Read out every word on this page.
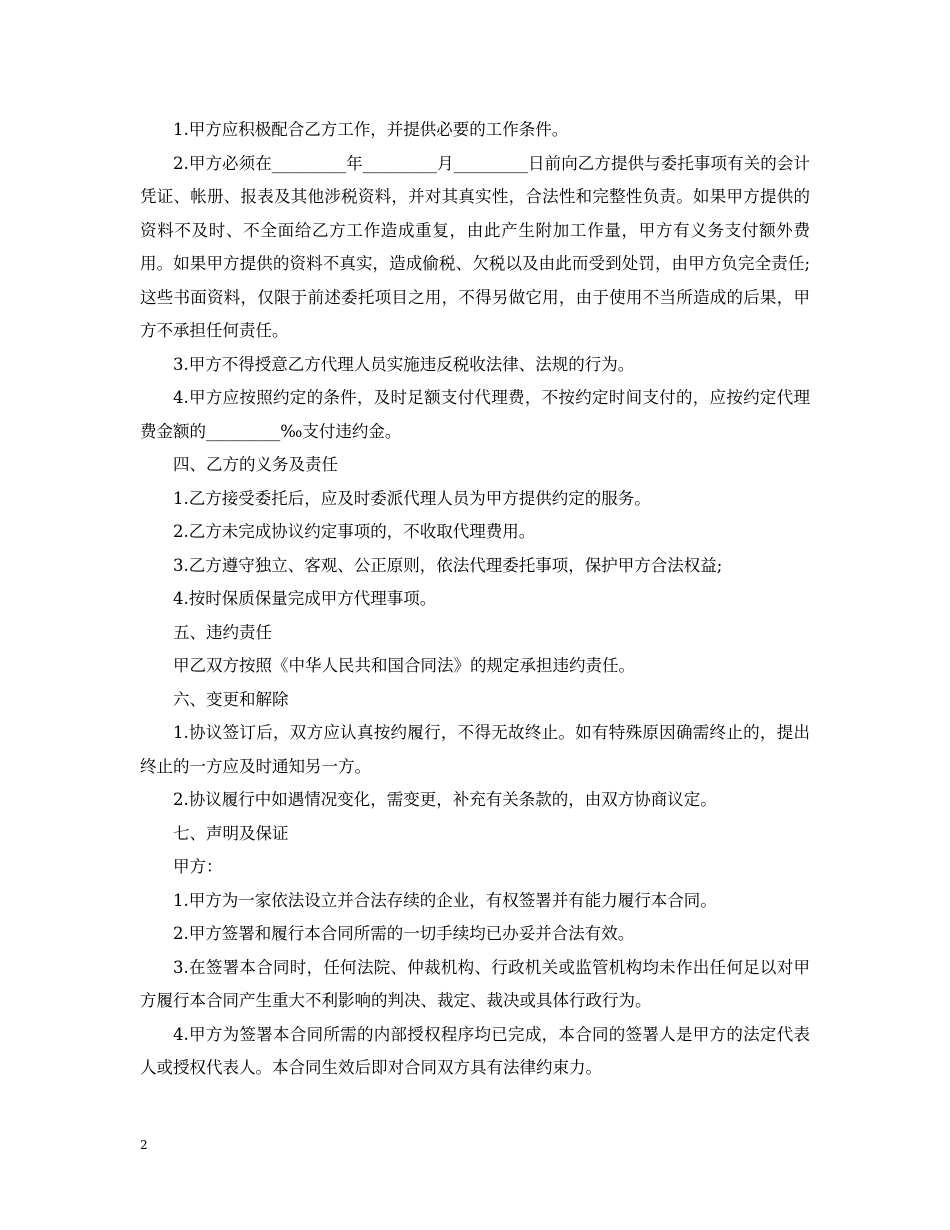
1.甲方应积极配合乙方工作，并提供必要的工作条件。

2.甲方必须在_________年_________月_________日前向乙方提供与委托事项有关的会计凭证、帐册、报表及其他涉税资料，并对其真实性，合法性和完整性负责。如果甲方提供的资料不及时、不全面给乙方工作造成重复，由此产生附加工作量，甲方有义务支付额外费用。如果甲方提供的资料不真实，造成偷税、欠税以及由此而受到处罚，由甲方负完全责任;这些书面资料，仅限于前述委托项目之用，不得另做它用，由于使用不当所造成的后果，甲方不承担任何责任。

3.甲方不得授意乙方代理人员实施违反税收法律、法规的行为。

4.甲方应按照约定的条件，及时足额支付代理费，不按约定时间支付的，应按约定代理费金额的_________‰支付违约金。

四、乙方的义务及责任

1.乙方接受委托后，应及时委派代理人员为甲方提供约定的服务。

2.乙方未完成协议约定事项的，不收取代理费用。

3.乙方遵守独立、客观、公正原则，依法代理委托事项，保护甲方合法权益;

4.按时保质保量完成甲方代理事项。

五、违约责任

甲乙双方按照《中华人民共和国合同法》的规定承担违约责任。

六、变更和解除

1.协议签订后，双方应认真按约履行，不得无故终止。如有特殊原因确需终止的，提出终止的一方应及时通知另一方。

2.协议履行中如遇情况变化，需变更，补充有关条款的，由双方协商议定。

七、声明及保证

甲方：

1.甲方为一家依法设立并合法存续的企业，有权签署并有能力履行本合同。

2.甲方签署和履行本合同所需的一切手续均已办妥并合法有效。

3.在签署本合同时，任何法院、仲裁机构、行政机关或监管机构均未作出任何足以对甲方履行本合同产生重大不利影响的判决、裁定、裁决或具体行政行为。

4.甲方为签署本合同所需的内部授权程序均已完成，本合同的签署人是甲方的法定代表人或授权代表人。本合同生效后即对合同双方具有法律约束力。

2
